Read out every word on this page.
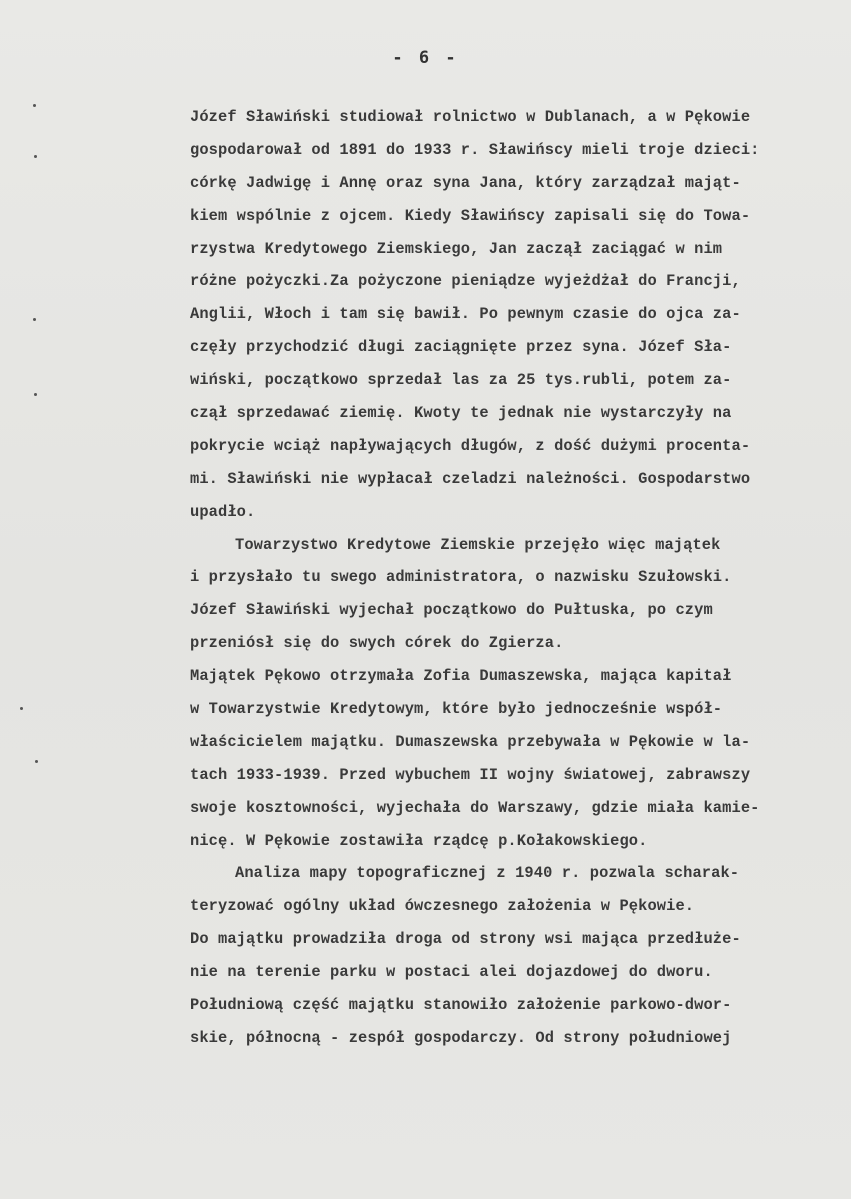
- 6 -
Józef Sławiński studiował rolnictwo w Dublanach, a w Pękowie
gospodarował od 1891 do 1933 r. Sławińscy mieli troje dzieci:
córkę Jadwigę i Annę oraz syna Jana, który zarządzał mająt-
kiem wspólnie z ojcem. Kiedy Sławińscy zapisali się do Towa-
rzystwa Kredytowego Ziemskiego, Jan zaczął zaciągać w nim
różne pożyczki.Za pożyczone pieniądze wyjeżdżał do Francji,
Anglii, Włoch i tam się bawił. Po pewnym czasie do ojca za-
częły przychodzić długi zaciągnięte przez syna. Józef Sła-
wiński, początkowo sprzedał las za 25 tys.rubli, potem za-
czął sprzedawać ziemię. Kwoty te jednak nie wystarczyły na
pokrycie wciąż napływających długów, z dość dużymi procenta-
mi. Sławiński nie wypłacał czeladzi należności. Gospodarstwo
upadło.
Towarzystwo Kredytowe Ziemskie przejęło więc majątek
i przysłało tu swego administratora, o nazwisku Szułowski.
Józef Sławiński wyjechał początkowo do Pułtuska, po czym
przeniósł się do swych córek do Zgierza.
Majątek Pękowo otrzymała Zofia Dumaszewska, mająca kapitał
w Towarzystwie Kredytowym, które było jednocześnie współ-
właścicielem majątku. Dumaszewska przebywała w Pękowie w la-
tach 1933-1939. Przed wybuchem II wojny światowej, zabrawszy
swoje kosztowności, wyjechała do Warszawy, gdzie miała kamie-
nicę. W Pękowie zostawiła rządcę p.Kołakowskiego.
Analiza mapy topograficznej z 1940 r. pozwala scharak-
teryzować ogólny układ ówczesnego założenia w Pękowie.
Do majątku prowadziła droga od strony wsi mająca przedłuże-
nie na terenie parku w postaci alei dojazdowej do dworu.
Południową część majątku stanowiło założenie parkowo-dwor-
skie, północną - zespół gospodarczy. Od strony południowej
